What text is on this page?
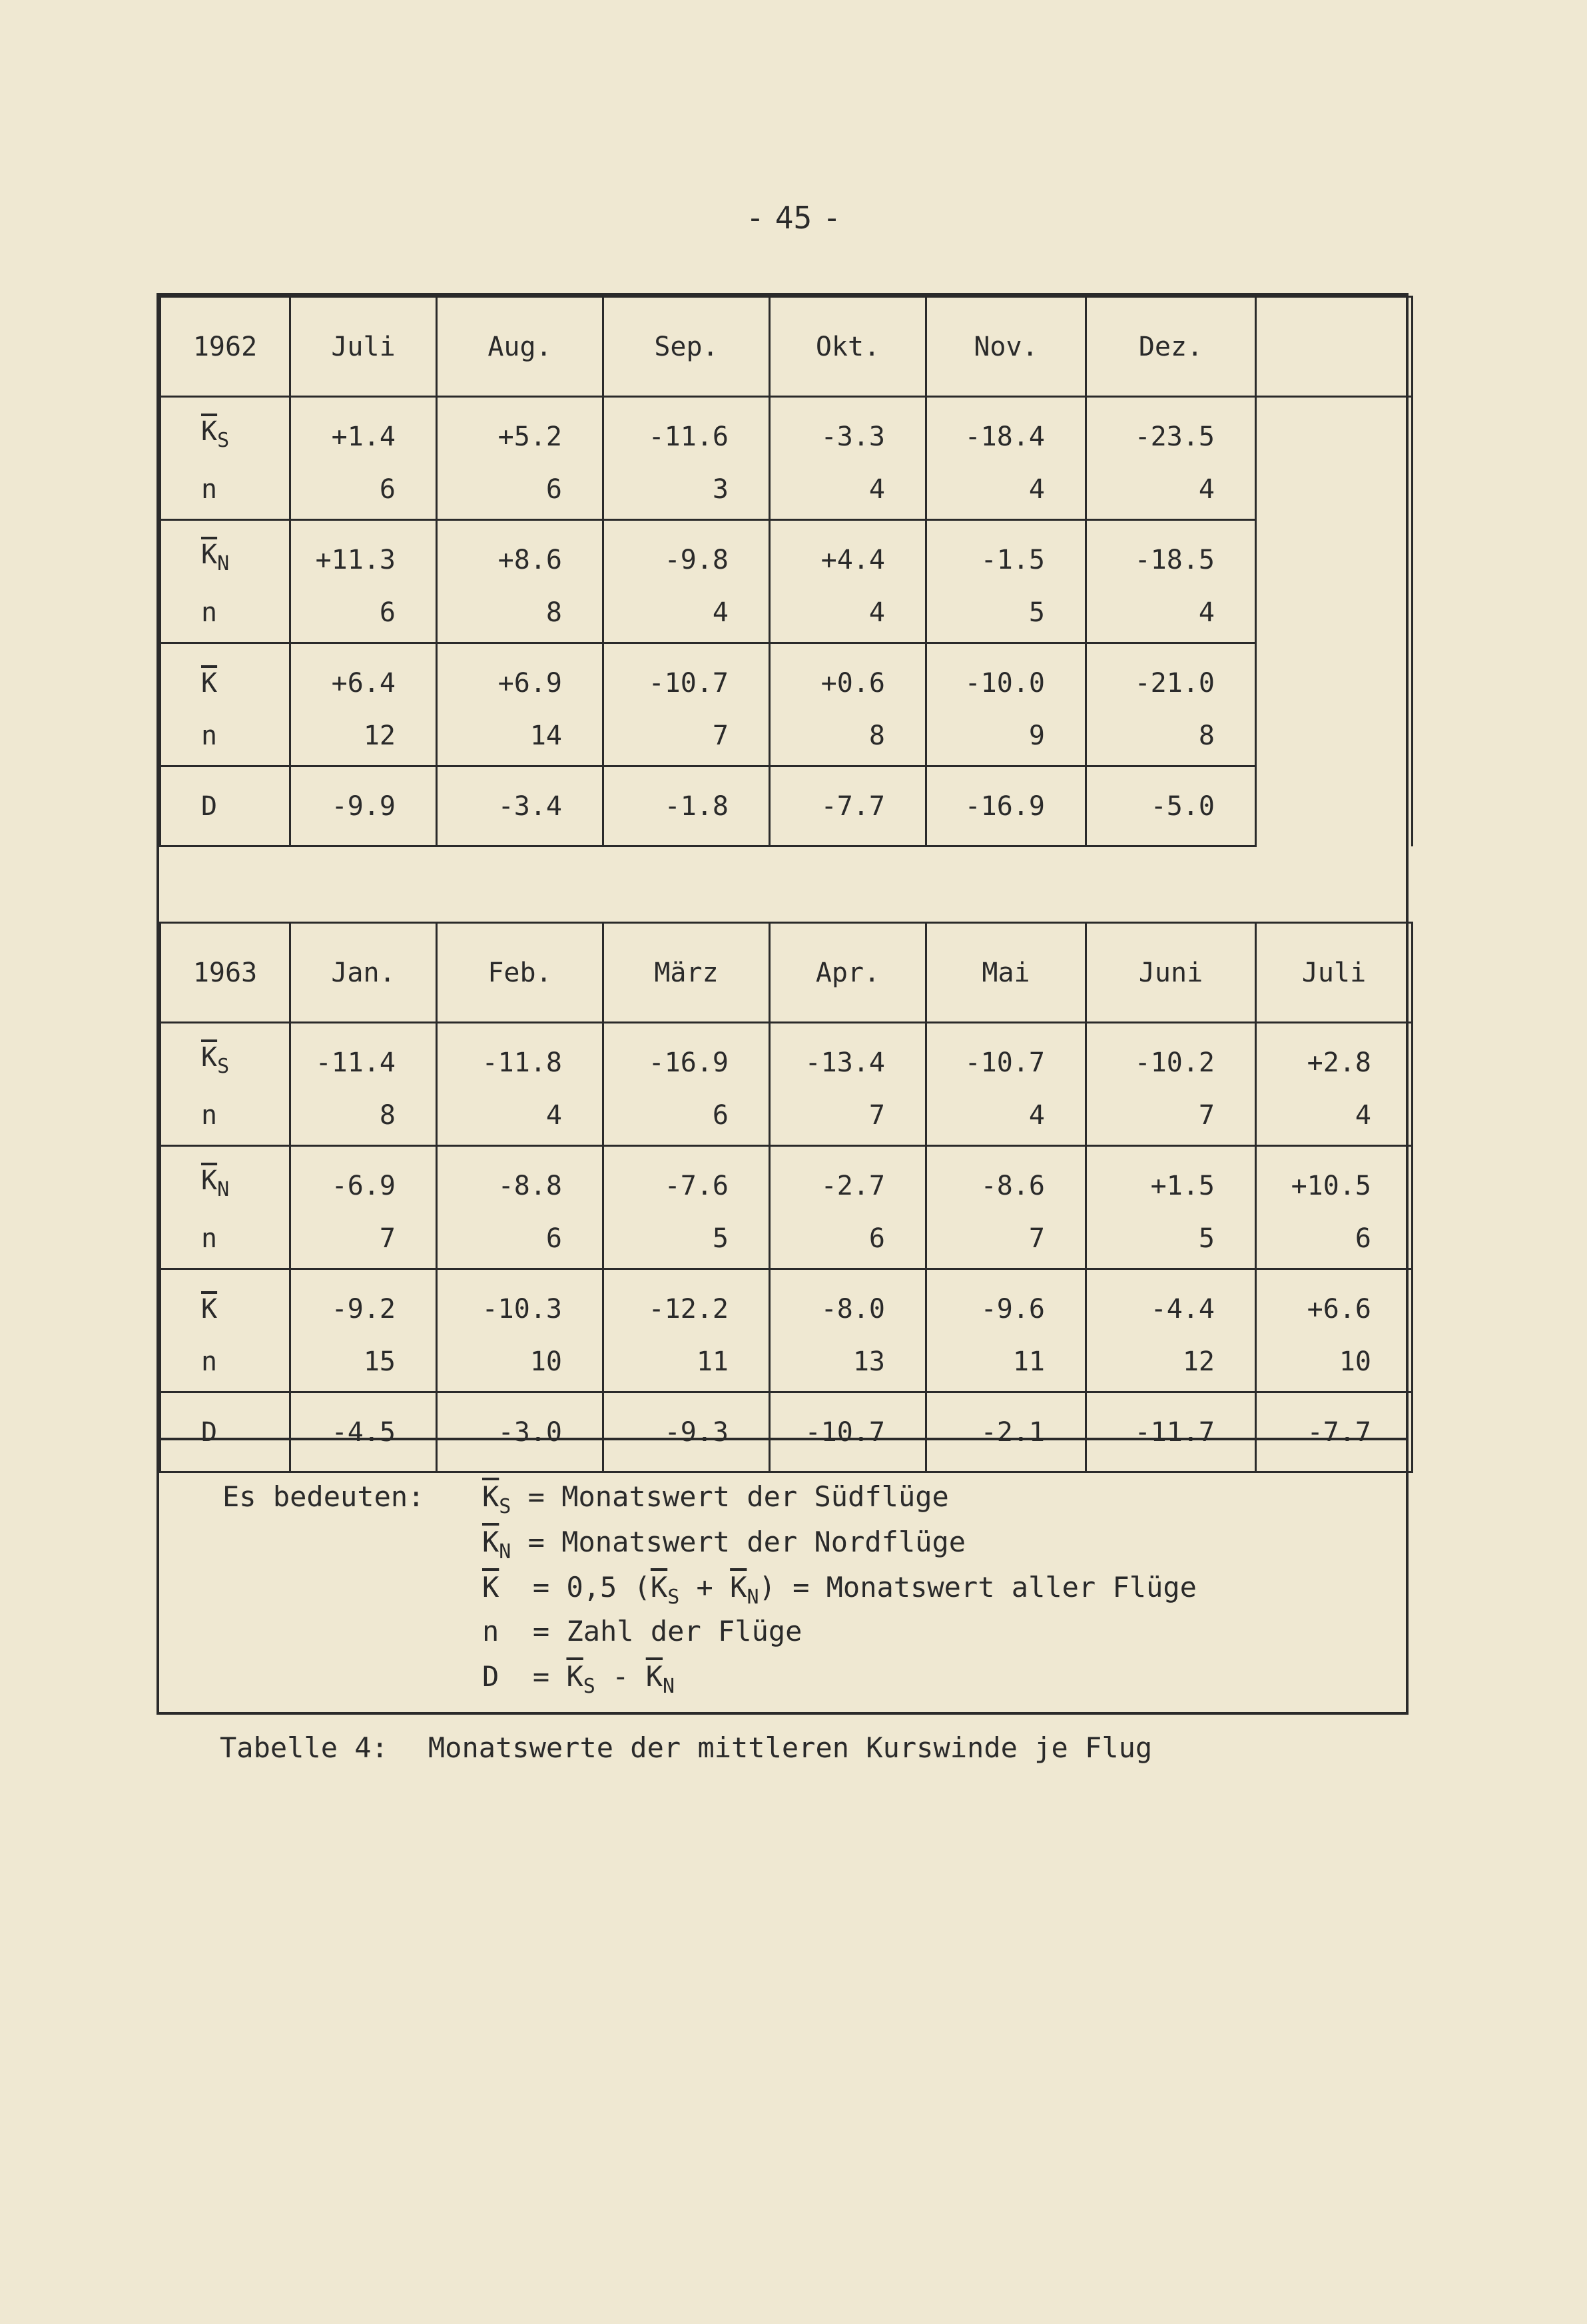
- 45 -
1962	Juli	Aug.	Sep.	Okt.	Nov.	Dez.	
$\overline{K}_S$	+1.4	+5.2	-11.6	-3.3	-18.4	-23.5	
n	6	6	3	4	4	4	
$\overline{K}_N$	+11.3	+8.6	-9.8	+4.4	-1.5	-18.5	
n	6	8	4	4	5	4	
$\overline{K}$	+6.4	+6.9	-10.7	+0.6	-10.0	-21.0	
n	12	14	7	8	9	8	
D	-9.9	-3.4	-1.8	-7.7	-16.9	-5.0	
1963	Jan.	Feb.	März	Apr.	Mai	Juni	Juli
$\overline{K}_S$	-11.4	-11.8	-16.9	-13.4	-10.7	-10.2	+2.8
n	8	4	6	7	4	7	4
$\overline{K}_N$	-6.9	-8.8	-7.6	-2.7	-8.6	+1.5	+10.5
n	7	6	5	6	7	5	6
$\overline{K}$	-9.2	-10.3	-12.2	-8.0	-9.6	-4.4	+6.6
n	15	10	11	13	11	12	10
D	-4.5	-3.0	-9.3	-10.7	-2.1	-11.7	-7.7
Es bedeuten: $\overline{K}_S$ = Monatswert der Südflüge
$\overline{K}_N$ = Monatswert der Nordflüge
$\overline{K} = 0,5$ $(\overline{K}_S + \overline{K}_N)$ = Monatswert aller Flüge
n = Zahl der Flüge
$D = \overline{K}_S - \overline{K}_N$
Tabelle 4: Monatswerte der mittleren Kurswinde je Flug
